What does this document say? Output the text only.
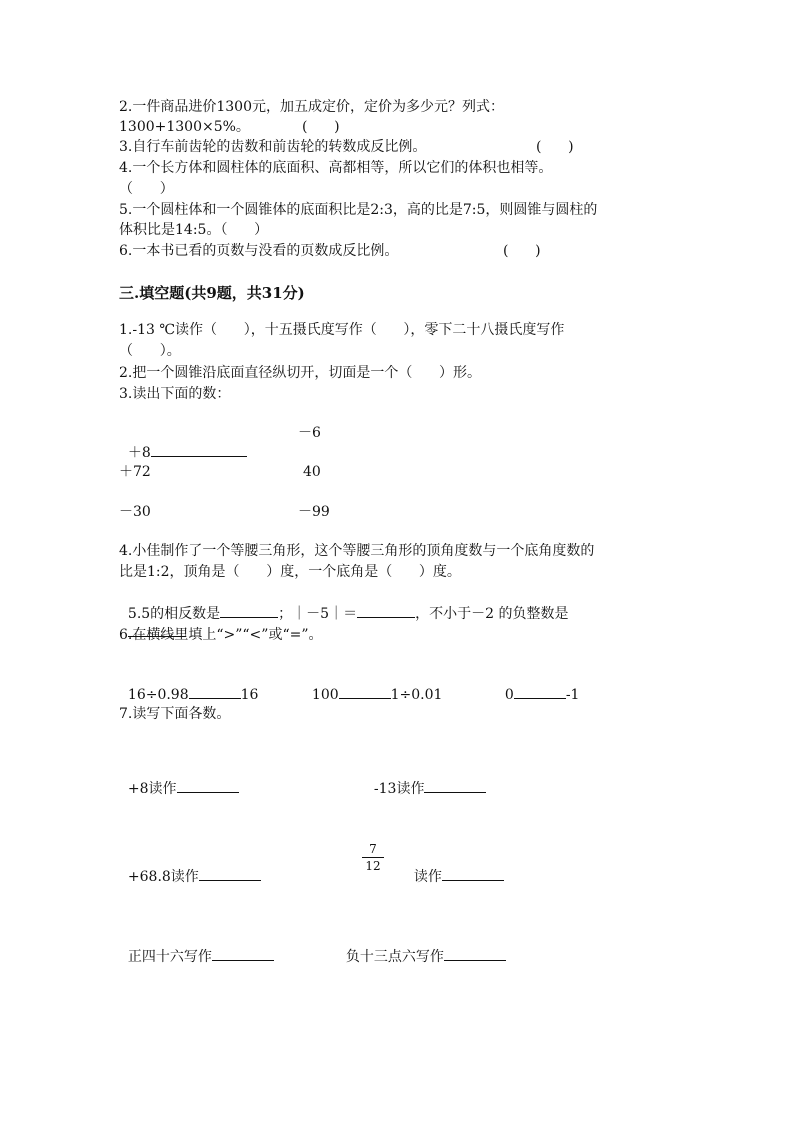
2.一件商品进价1300元，加五成定价，定价为多少元？列式：
1300+1300×5%。	(      )
3.自行车前齿轮的齿数和前齿轮的转数成反比例。	(      )
4.一个长方体和圆柱体的底面积、高都相等，所以它们的体积也相等。
（      ）
5.一个圆柱体和一个圆锥体的底面积比是2:3，高的比是7:5，则圆锥与圆柱的
体积比是14:5。（      ）
6.一本书已看的页数与没看的页数成反比例。	(      )
三.填空题(共9题，共31分)
1.-13 ℃读作（      ），十五摄氏度写作（      ），零下二十八摄氏度写作
（      ）。
2.把一个圆锥沿底面直径纵切开，切面是一个（      ）形。
3.读出下面的数：

＋8

－6
＋72	40
－30	－99
4.小佳制作了一个等腰三角形，这个等腰三角形的顶角度数与一个底角度数的
比是1:2，顶角是（      ）度，一个底角是（      ）度。

5.5的相反数是	；｜－5｜＝	，不小于－2 的负整数是

6.在横线里填上“>”“<”或“=”。

16÷0.98	16	100	1÷0.01	0	-1

7.读写下面各数。

+8读作	-13读作

+68.8读作

7
12

读作

正四十六写作	负十三点六写作
